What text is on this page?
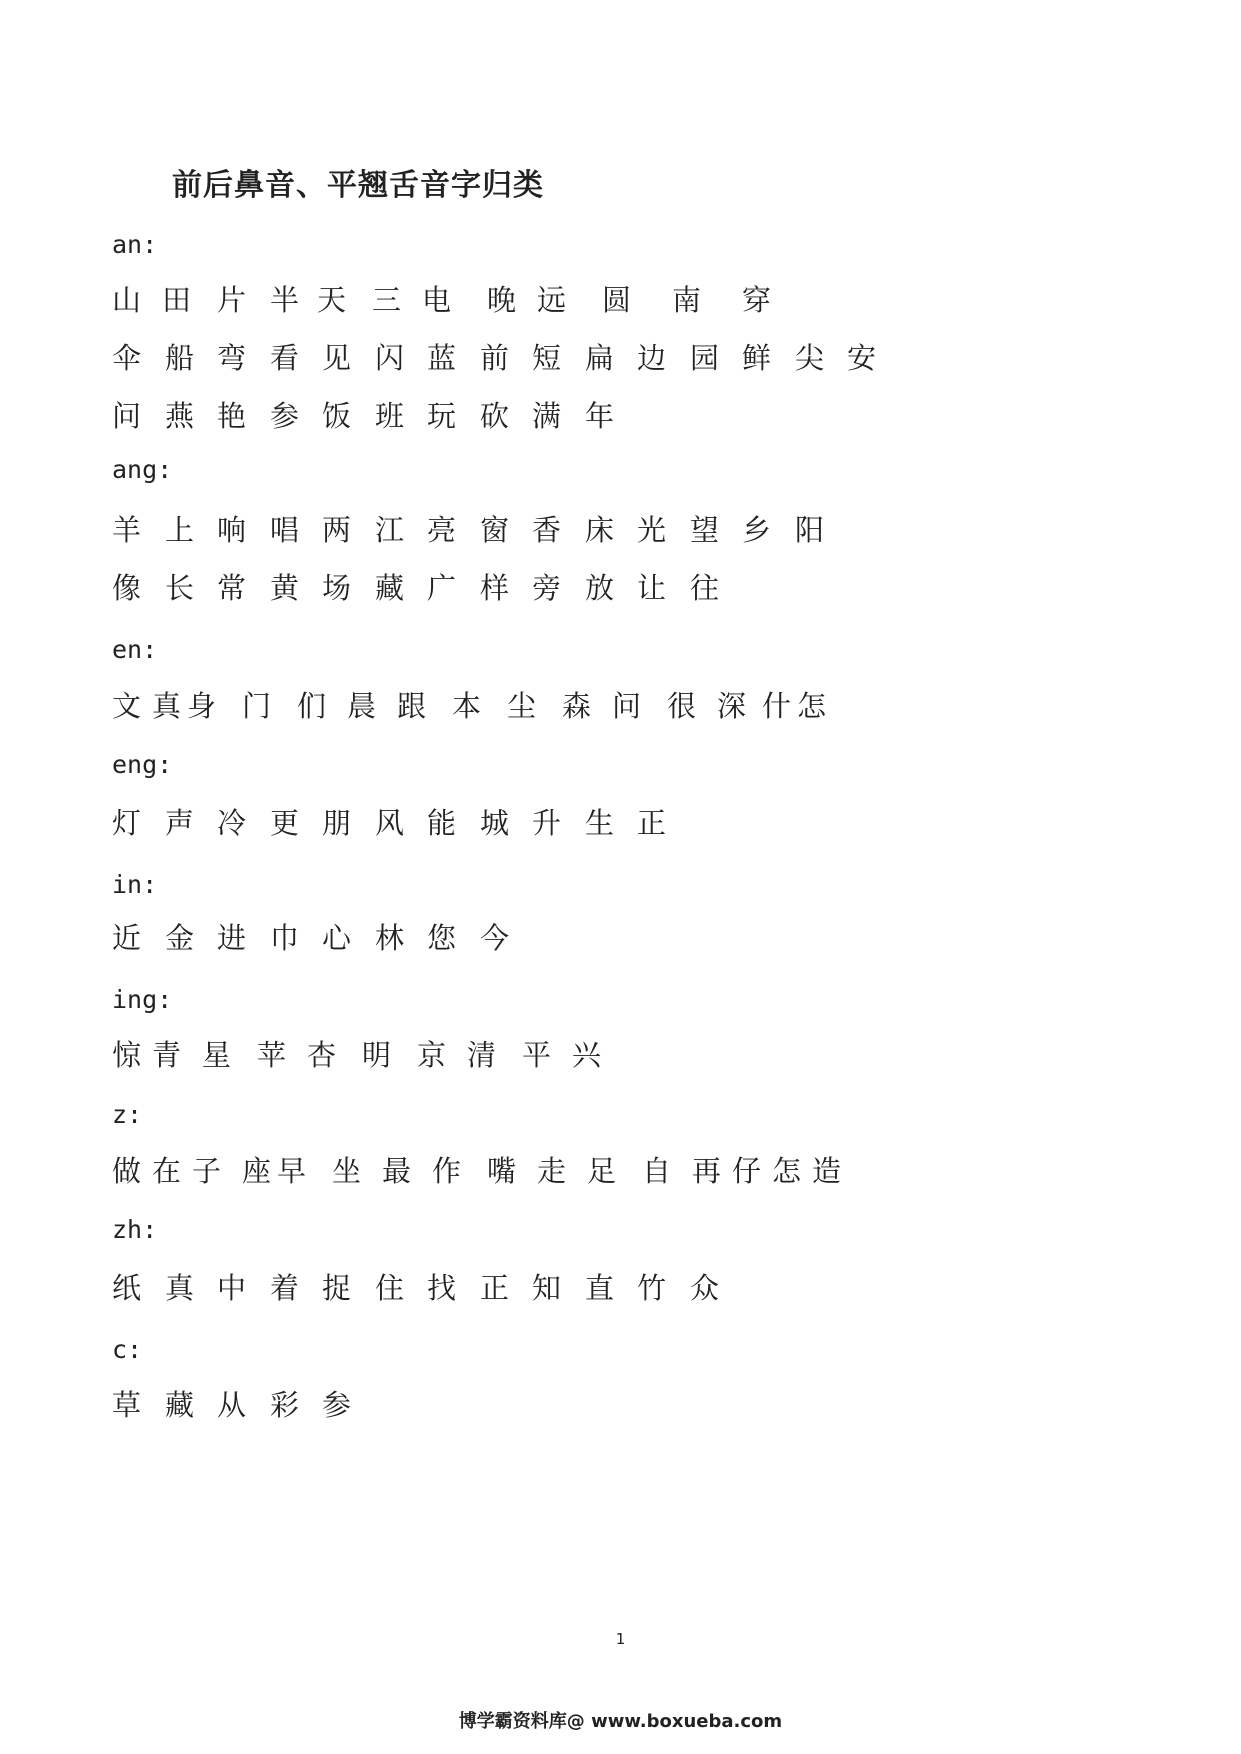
前后鼻音、平翘舌音字归类
an:
山 田 片 半 天 三 电 晚 远 圆 南 穿
伞 船 弯 看 见 闪 蓝 前 短 扁 边 园 鲜 尖 安
问 燕 艳 参 饭 班 玩 砍 满 年
ang:
羊 上 响 唱 两 江 亮 窗 香 床 光 望 乡 阳
像 长 常 黄 场 藏 广 样 旁 放 让 往
en:
文 真 身 门 们 晨 跟 本 尘 森 问 很 深 什 怎
eng:
灯 声 冷 更 朋 风 能 城 升 生 正
in:
近 金 进 巾 心 林 您 今
ing:
惊 青 星 苹 杏 明 京 清 平 兴
z:
做 在 子 座 早 坐 最 作 嘴 走 足 自 再 仔 怎 造
zh:
纸 真 中 着 捉 住 找 正 知 直 竹 众
c:
草 藏 从 彩 参
1
博学霸资料库@ www.boxueba.com
